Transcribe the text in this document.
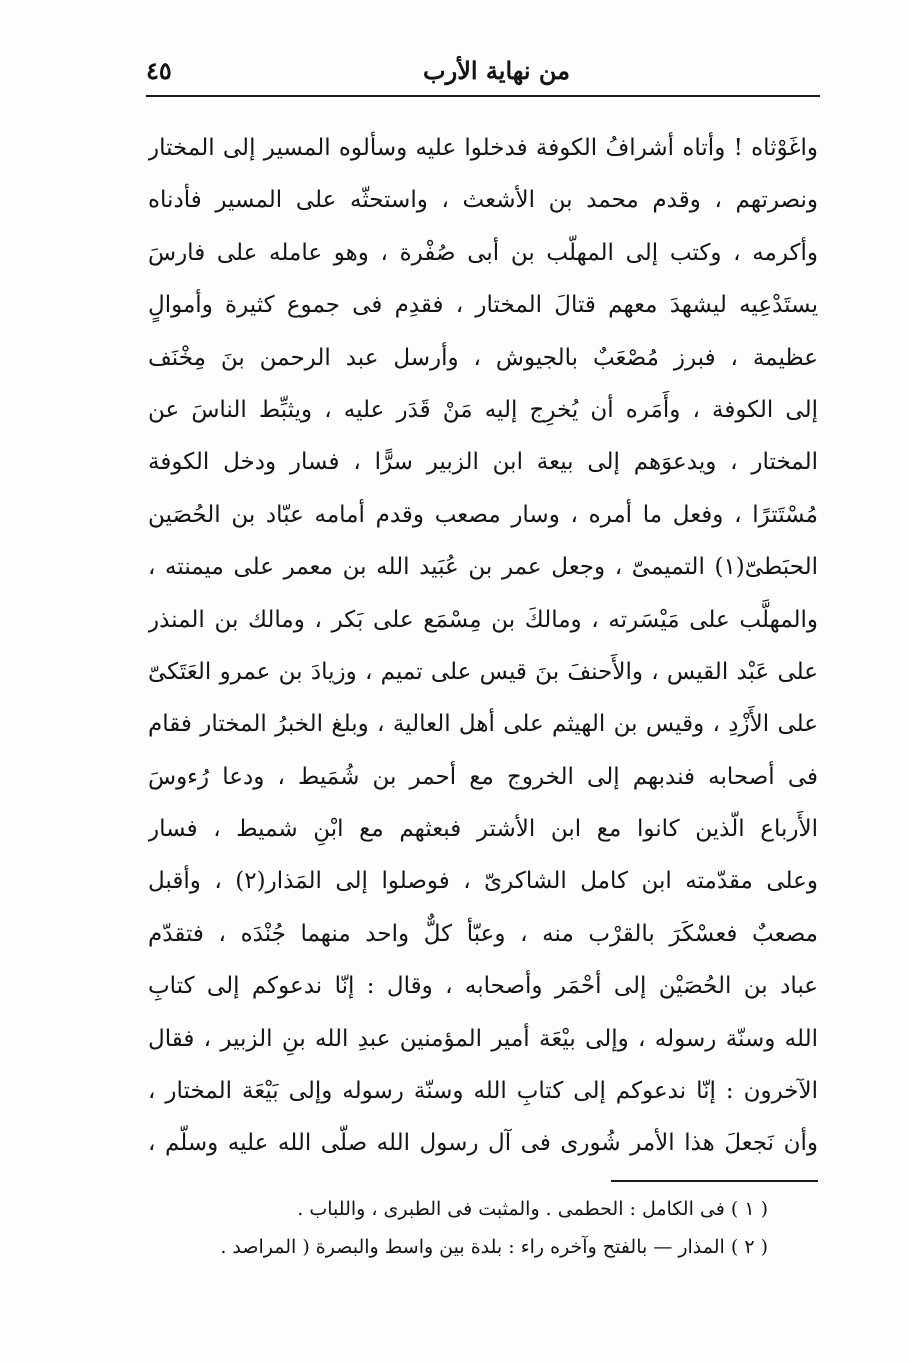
من نهاية الأرب
٤٥
واغَوْثاه ! وأتاه أشرافُ الكوفة فدخلوا عليه وسألوه المسير إلى المختار
ونصرتهم ، وقدم محمد بن الأشعث ، واستحثّه على المسير فأدناه
وأكرمه ، وكتب إلى المهلّب بن أبى صُفْرة ، وهو عامله على فارسَ
يستَدْعِيه ليشهدَ معهم قتالَ المختار ، فقدِم فى جموع كثيرة وأموالٍ
عظيمة ، فبرز مُصْعَبٌ بالجيوش ، وأرسل عبد الرحمن بنَ مِخْنَف
إلى الكوفة ، وأَمَره أن يُخرِج إليه مَنْ قَدَر عليه ، ويثبِّط الناسَ عن
المختار ، ويدعوَهم إلى بيعة ابن الزبير سرًّا ، فسار ودخل الكوفة
مُسْتَترًا ، وفعل ما أمره ، وسار مصعب وقدم أمامه عبّاد بن الحُصَين
الحبَطىّ(١) التميمىّ ، وجعل عمر بن عُبَيد الله بن معمر على ميمنته ،
والمهلَّب على مَيْسَرته ، ومالكَ بن مِسْمَع على بَكر ، ومالك بن المنذر
على عَبْد القيس ، والأَحنفَ بنَ قيس على تميم ، وزيادَ بن عمرو العَتَكىّ
على الأَزْدِ ، وقيس بن الهيثم على أهل العالية ، وبلغ الخبرُ المختار فقام
فى أصحابه فندبهم إلى الخروج مع أحمر بن شُمَيط ، ودعا رُءوسَ
الأَرباع الّذين كانوا مع ابن الأشتر فبعثهم مع ابْنِ شميط ، فسار
وعلى مقدّمته ابن كامل الشاكرىّ ، فوصلوا إلى المَذار(٢) ، وأقبل
مصعبٌ فعسْكَرَ بالقرْب منه ، وعبّأ كلٌّ واحد منهما جُنْدَه ، فتقدّم
عباد بن الحُصَيْن إلى أحْمَر وأصحابه ، وقال : إنّا ندعوكم إلى كتابِ
الله وسنّة رسوله ، وإلى بيْعَة أمير المؤمنين عبدِ الله بنِ الزبير ، فقال
الآخرون : إنّا ندعوكم إلى كتابِ الله وسنّة رسوله وإلى بَيْعَة المختار ،
وأن نَجعلَ هذا الأمر شُورى فى آل رسول الله صلّى الله عليه وسلّم ،
( ١ ) فى الكامل : الحطمى . والمثبت فى الطبرى ، واللباب .
( ٢ ) المذار — بالفتح وآخره راء : بلدة بين واسط والبصرة ( المراصد .
